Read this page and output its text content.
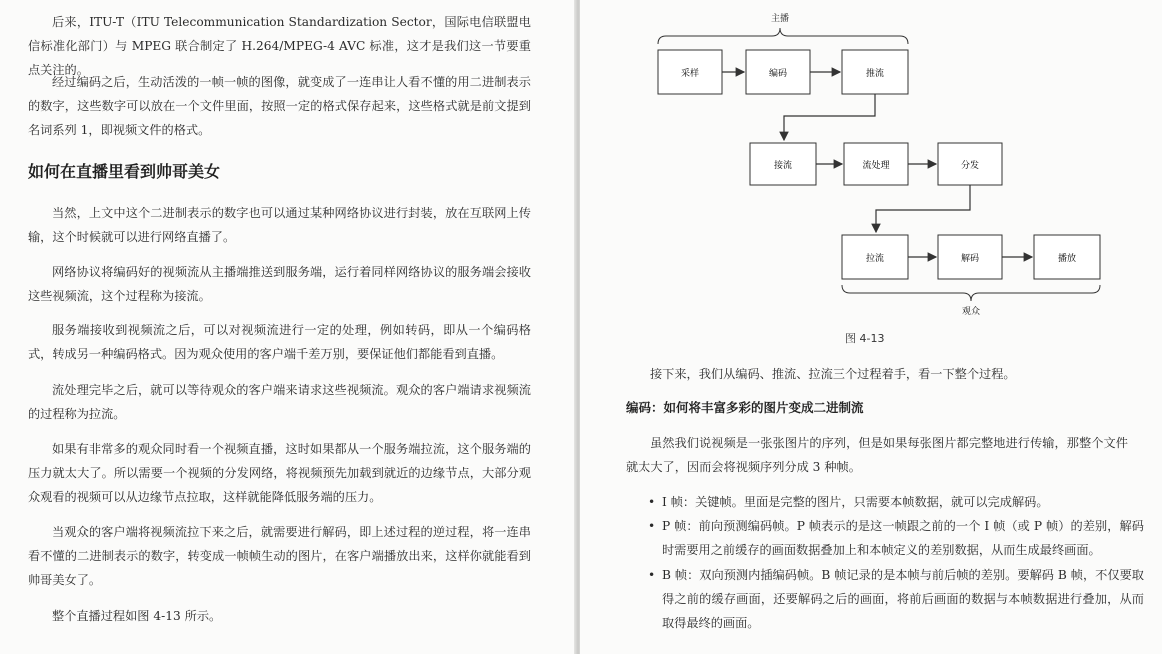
后来，ITU-T（ITU Telecommunication Standardization Sector，国际电信联盟电信标准化部门）与 MPEG 联合制定了 H.264/MPEG-4 AVC 标准，这才是我们这一节要重点关注的。

经过编码之后，生动活泼的一帧一帧的图像，就变成了一连串让人看不懂的用二进制表示的数字，这些数字可以放在一个文件里面，按照一定的格式保存起来，这些格式就是前文提到名词系列 1，即视频文件的格式。

如何在直播里看到帅哥美女

当然，上文中这个二进制表示的数字也可以通过某种网络协议进行封装，放在互联网上传输，这个时候就可以进行网络直播了。

网络协议将编码好的视频流从主播端推送到服务端，运行着同样网络协议的服务端会接收这些视频流，这个过程称为接流。

服务端接收到视频流之后，可以对视频流进行一定的处理，例如转码，即从一个编码格式，转成另一种编码格式。因为观众使用的客户端千差万别，要保证他们都能看到直播。

流处理完毕之后，就可以等待观众的客户端来请求这些视频流。观众的客户端请求视频流的过程称为拉流。

如果有非常多的观众同时看一个视频直播，这时如果都从一个服务端拉流，这个服务端的压力就太大了。所以需要一个视频的分发网络，将视频预先加载到就近的边缘节点，大部分观众观看的视频可以从边缘节点拉取，这样就能降低服务端的压力。

当观众的客户端将视频流拉下来之后，就需要进行解码，即上述过程的逆过程，将一连串看不懂的二进制表示的数字，转变成一帧帧生动的图片，在客户端播放出来，这样你就能看到帅哥美女了。

整个直播过程如图 4-13 所示。

主播
采样	编码	推流
接流	流处理	分发
拉流	解码	播放
观众

图 4-13

接下来，我们从编码、推流、拉流三个过程着手，看一下整个过程。

编码：如何将丰富多彩的图片变成二进制流

虽然我们说视频是一张张图片的序列，但是如果每张图片都完整地进行传输，那整个文件就太大了，因而会将视频序列分成 3 种帧。

• I 帧：关键帧。里面是完整的图片，只需要本帧数据，就可以完成解码。

• P 帧：前向预测编码帧。P 帧表示的是这一帧跟之前的一个 I 帧（或 P 帧）的差别，解码时需要用之前缓存的画面数据叠加上和本帧定义的差别数据，从而生成最终画面。

• B 帧：双向预测内插编码帧。B 帧记录的是本帧与前后帧的差别。要解码 B 帧，不仅要取得之前的缓存画面，还要解码之后的画面，将前后画面的数据与本帧数据进行叠加，从而取得最终的画面。
